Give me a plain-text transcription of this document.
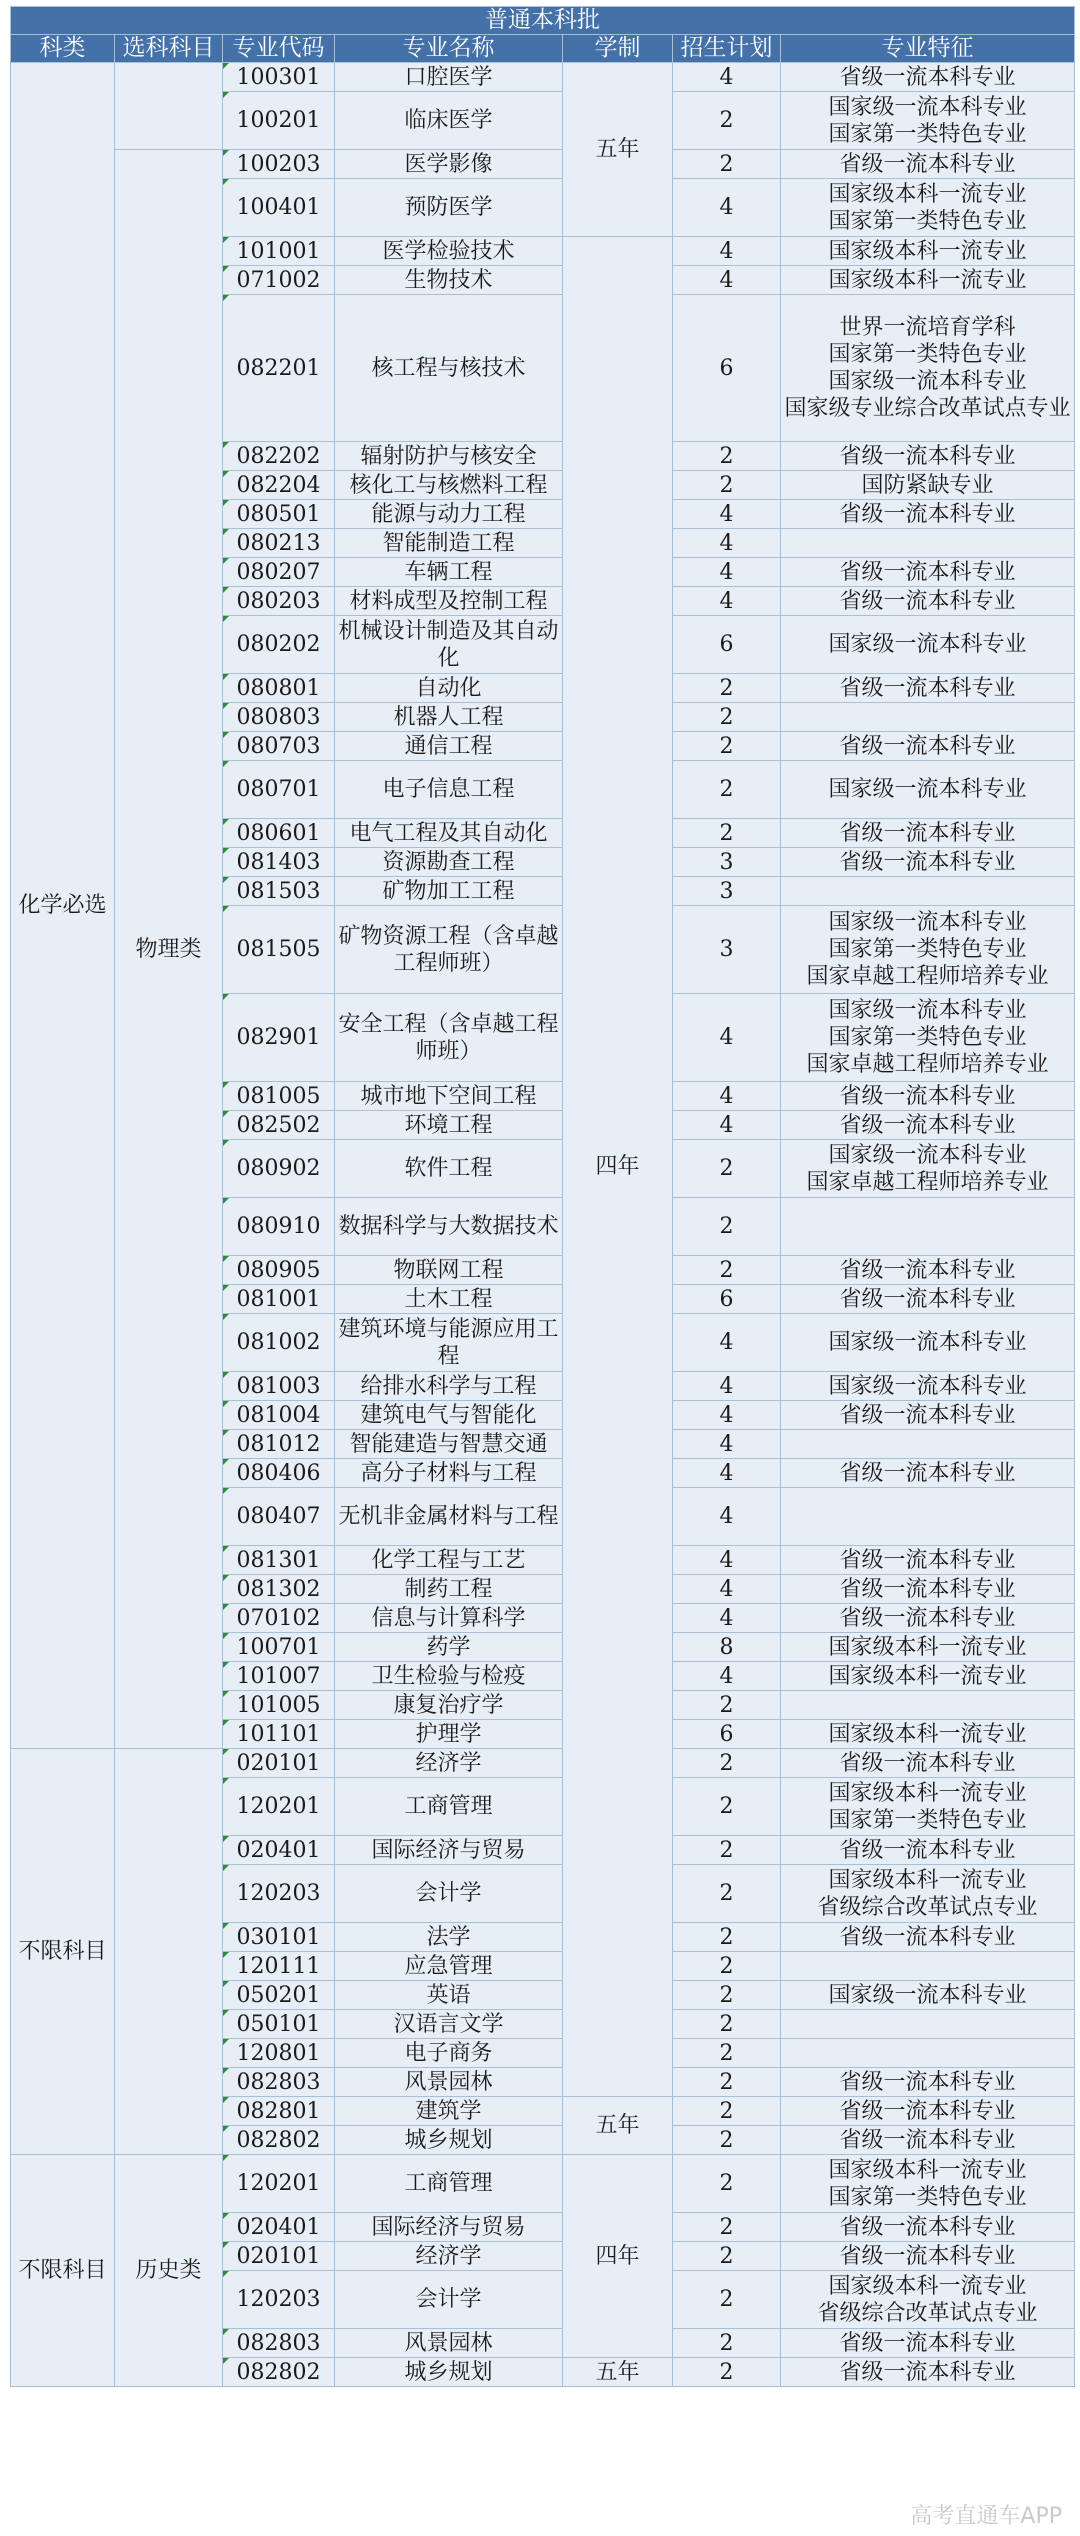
普通本科批						
科类	选科科目	专业代码	专业名称	学制	招生计划	专业特征
化学必选		100301	口腔医学	五年	4	省级一流本科专业
		100201	临床医学		2	国家级一流本科专业
国家第一类特色专业
	物理类	100203	医学影像		2	省级一流本科专业
		100401	预防医学		4	国家级本科一流专业
国家第一类特色专业
		101001	医学检验技术	四年	4	国家级本科一流专业
		071002	生物技术		4	国家级本科一流专业
		082201	核工程与核技术		6	世界一流培育学科
国家第一类特色专业
国家级一流本科专业
国家级专业综合改革试点专业
		082202	辐射防护与核安全		2	省级一流本科专业
		082204	核化工与核燃料工程		2	国防紧缺专业
		080501	能源与动力工程		4	省级一流本科专业
		080213	智能制造工程		4	
		080207	车辆工程		4	省级一流本科专业
		080203	材料成型及控制工程		4	省级一流本科专业
		080202	机械设计制造及其自动化		6	国家级一流本科专业
		080801	自动化		2	省级一流本科专业
		080803	机器人工程		2	
		080703	通信工程		2	省级一流本科专业
		080701	电子信息工程		2	国家级一流本科专业
		080601	电气工程及其自动化		2	省级一流本科专业
		081403	资源勘查工程		3	省级一流本科专业
		081503	矿物加工工程		3	
		081505	矿物资源工程（含卓越工程师班）		3	国家级一流本科专业
国家第一类特色专业
国家卓越工程师培养专业
		082901	安全工程（含卓越工程师班）		4	国家级一流本科专业
国家第一类特色专业
国家卓越工程师培养专业
		081005	城市地下空间工程		4	省级一流本科专业
		082502	环境工程		4	省级一流本科专业
		080902	软件工程		2	国家级一流本科专业
国家卓越工程师培养专业
		080910	数据科学与大数据技术		2	
		080905	物联网工程		2	省级一流本科专业
		081001	土木工程		6	省级一流本科专业
		081002	建筑环境与能源应用工程		4	国家级一流本科专业
		081003	给排水科学与工程		4	国家级一流本科专业
		081004	建筑电气与智能化		4	省级一流本科专业
		081012	智能建造与智慧交通		4	
		080406	高分子材料与工程		4	省级一流本科专业
		080407	无机非金属材料与工程		4	
		081301	化学工程与工艺		4	省级一流本科专业
		081302	制药工程		4	省级一流本科专业
		070102	信息与计算科学		4	省级一流本科专业
		100701	药学		8	国家级本科一流专业
		101007	卫生检验与检疫		4	国家级本科一流专业
		101005	康复治疗学		2	
		101101	护理学		6	国家级本科一流专业
不限科目		020101	经济学		2	省级一流本科专业
		120201	工商管理		2	国家级本科一流专业
国家第一类特色专业
		020401	国际经济与贸易		2	省级一流本科专业
		120203	会计学		2	国家级本科一流专业
省级综合改革试点专业
		030101	法学		2	省级一流本科专业
		120111	应急管理		2	
		050201	英语		2	国家级一流本科专业
		050101	汉语言文学		2	
		120801	电子商务		2	
		082803	风景园林		2	省级一流本科专业
		082801	建筑学	五年	2	省级一流本科专业
		082802	城乡规划		2	省级一流本科专业
不限科目	历史类	120201	工商管理	四年	2	国家级本科一流专业
国家第一类特色专业
		020401	国际经济与贸易		2	省级一流本科专业
		020101	经济学		2	省级一流本科专业
		120203	会计学		2	国家级本科一流专业
省级综合改革试点专业
		082803	风景园林		2	省级一流本科专业
		082802	城乡规划	五年	2	省级一流本科专业
高考直通车APP
